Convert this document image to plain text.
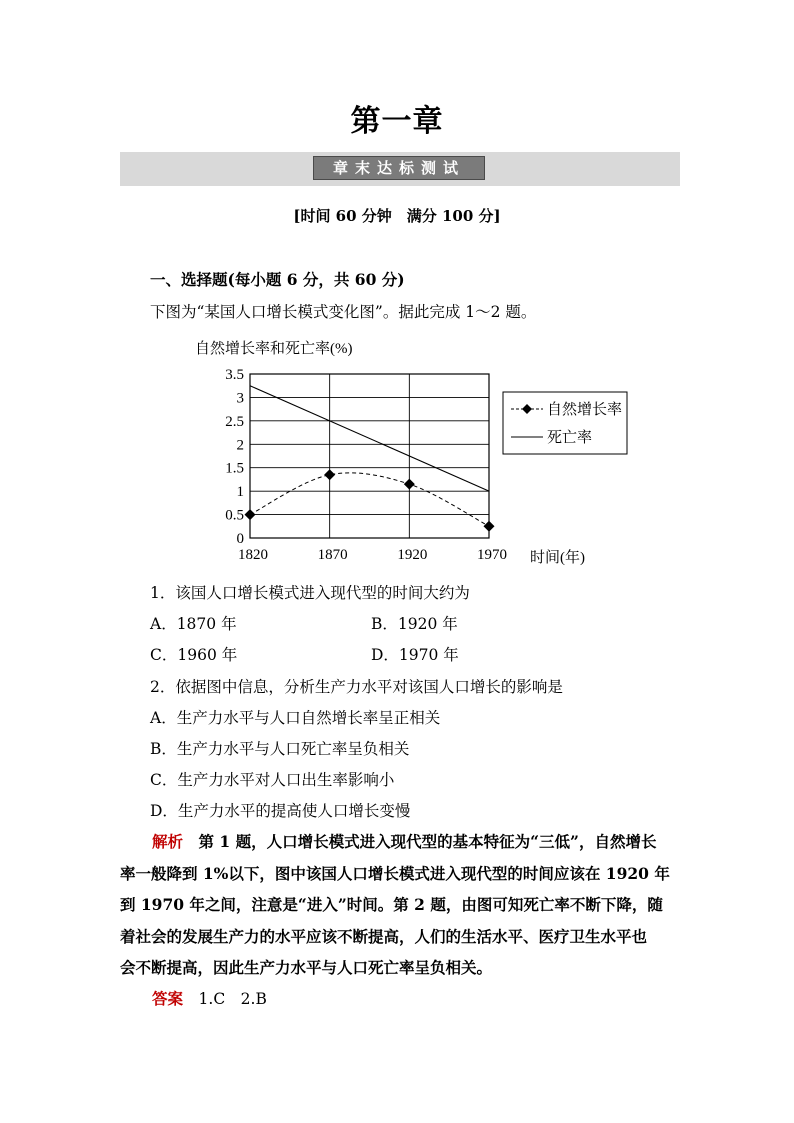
第一章
章末达标测试
[时间 60 分钟　满分 100 分]
一、选择题(每小题 6 分，共 60 分)
下图为“某国人口增长模式变化图”。据此完成 1～2 题。
0
0.5
1
1.5
2
2.5
3
3.5
1820	1870	1920	1970
自然增长率和死亡率(%)
时间(年)
自然增长率
死亡率
1．该国人口增长模式进入现代型的时间大约为
A．1870 年	B．1920 年
C．1960 年	D．1970 年
2．依据图中信息，分析生产力水平对该国人口增长的影响是
A．生产力水平与人口自然增长率呈正相关
B．生产力水平与人口死亡率呈负相关
C．生产力水平对人口出生率影响小
D．生产力水平的提高使人口增长变慢
解析　 第 1 题，人口增长模式进入现代型的基本特征为“三低”，自然增长
率一般降到 1%以下，图中该国人口增长模式进入现代型的时间应该在 1920 年
到 1970 年之间，注意是“进入”时间。第 2 题，由图可知死亡率不断下降，随
着社会的发展生产力的水平应该不断提高，人们的生活水平、医疗卫生水平也
会不断提高，因此生产力水平与人口死亡率呈负相关。
答案　 1.C　2.B
